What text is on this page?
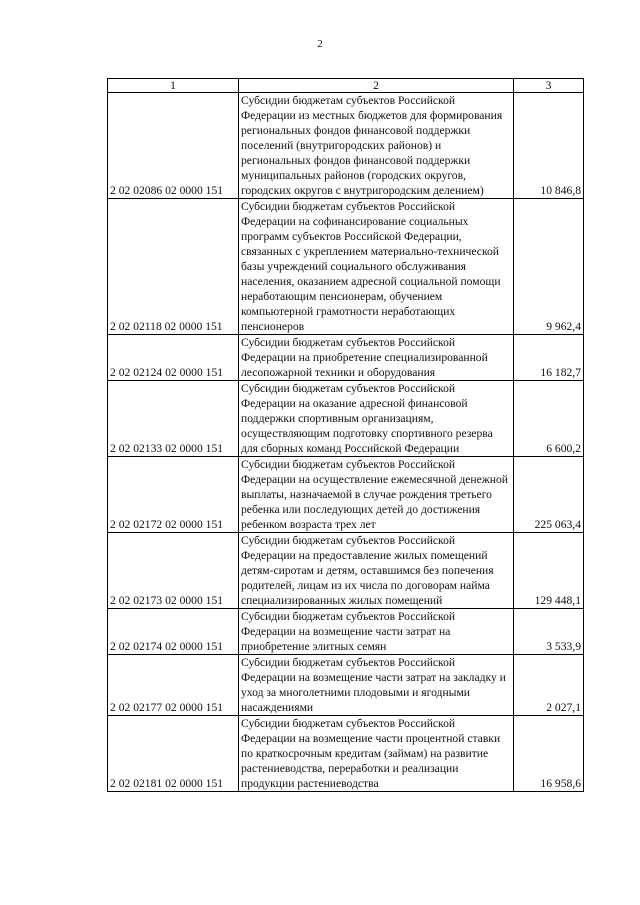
2
1	2	3
2 02 02086 02 0000 151	Субсидии бюджетам субъектов Российской Федерации из местных бюджетов для формирования региональных фондов финансовой поддержки поселений (внутригородских районов) и региональных фондов финансовой поддержки муниципальных районов (городских округов, городских округов с внутригородским делением)	10 846,8
2 02 02118 02 0000 151	Субсидии бюджетам субъектов Российской Федерации на софинансирование социальных программ субъектов Российской Федерации, связанных с укреплением материально-технической базы учреждений социального обслуживания населения, оказанием адресной социальной помощи неработающим пенсионерам, обучением компьютерной грамотности неработающих пенсионеров	9 962,4
2 02 02124 02 0000 151	Субсидии бюджетам субъектов Российской Федерации на приобретение специализированной лесопожарной техники и оборудования	16 182,7
2 02 02133 02 0000 151	Субсидии бюджетам субъектов Российской Федерации на оказание адресной финансовой поддержки спортивным организациям, осуществляющим подготовку спортивного резерва для сборных команд Российской Федерации	6 600,2
2 02 02172 02 0000 151	Субсидии бюджетам субъектов Российской Федерации на осуществление ежемесячной денежной выплаты, назначаемой в случае рождения третьего ребенка или последующих детей до достижения ребенком возраста трех лет	225 063,4
2 02 02173 02 0000 151	Субсидии бюджетам субъектов Российской Федерации на предоставление жилых помещений детям-сиротам и детям, оставшимся без попечения родителей, лицам из их числа по договорам найма специализированных жилых помещений	129 448,1
2 02 02174 02 0000 151	Субсидии бюджетам субъектов Российской Федерации на возмещение части затрат на приобретение элитных семян	3 533,9
2 02 02177 02 0000 151	Субсидии бюджетам субъектов Российской Федерации на возмещение части затрат на закладку и уход за многолетними плодовыми и ягодными насаждениями	2 027,1
2 02 02181 02 0000 151	Субсидии бюджетам субъектов Российской Федерации на возмещение части процентной ставки по краткосрочным кредитам (займам) на развитие растениеводства, переработки и реализации продукции растениеводства	16 958,6
